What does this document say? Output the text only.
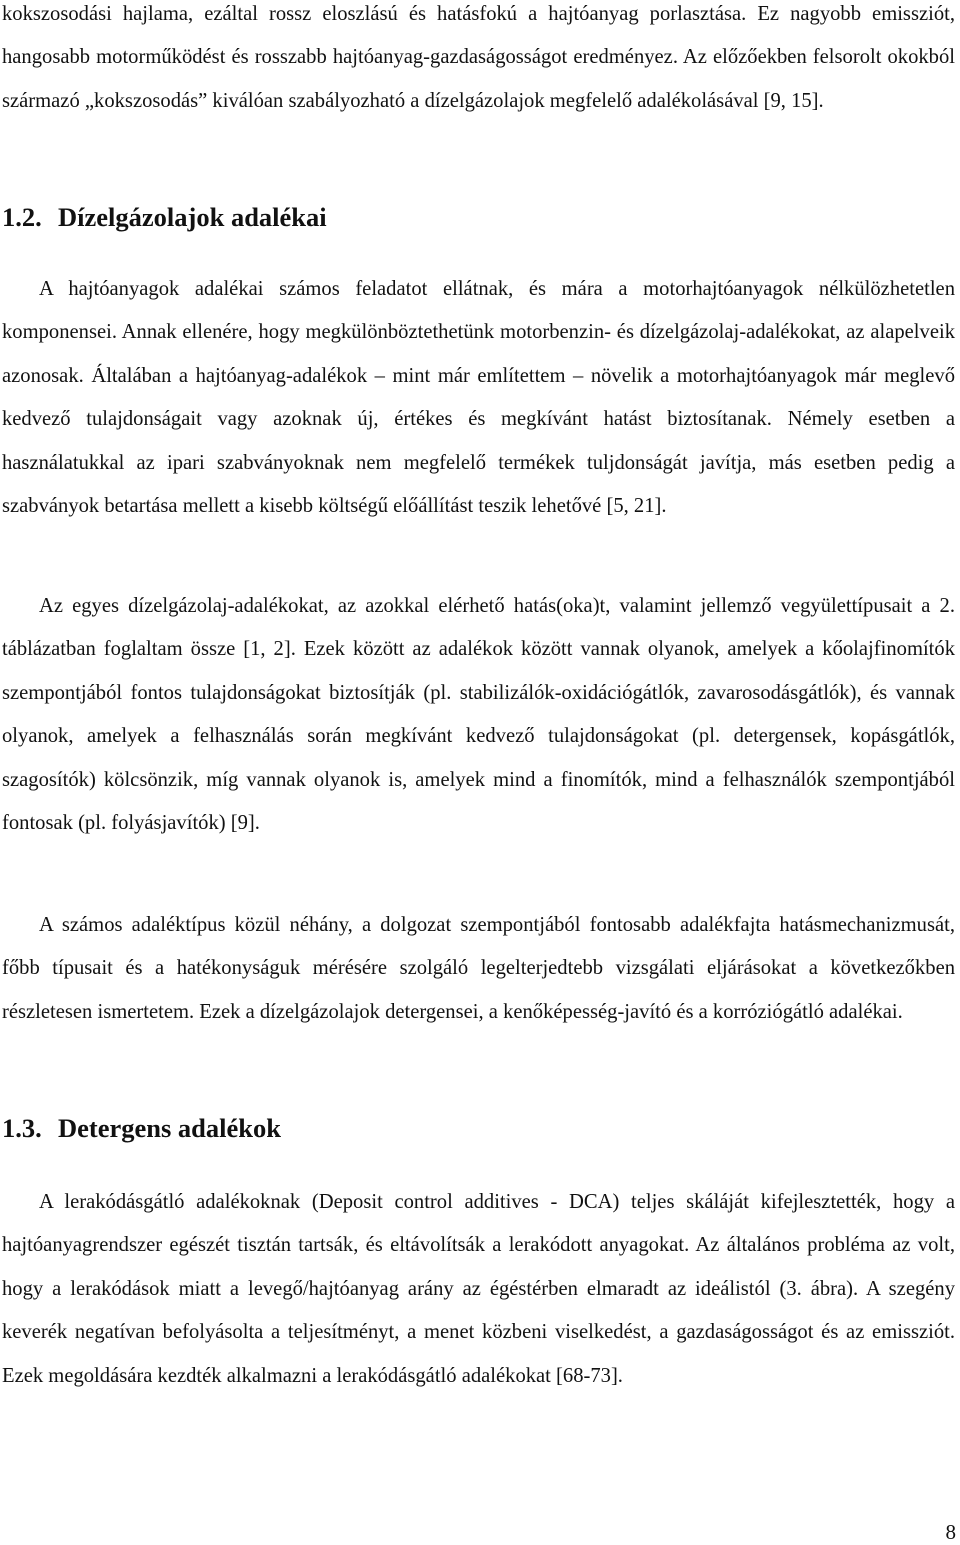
kokszosodási hajlama, ezáltal rossz eloszlású és hatásfokú a hajtóanyag porlasztása. Ez nagyobb emissziót, hangosabb motorműködést és rosszabb hajtóanyag-gazdaságosságot eredményez. Az előzőekben felsorolt okokból származó „kokszosodás” kiválóan szabályozható a dízelgázolajok megfelelő adalékolásával [9, 15].

1.2. Dízelgázolajok adalékai

A hajtóanyagok adalékai számos feladatot ellátnak, és mára a motorhajtóanyagok nélkülözhetetlen komponensei. Annak ellenére, hogy megkülönböztethetünk motorbenzin- és dízelgázolaj-adalékokat, az alapelveik azonosak. Általában a hajtóanyag-adalékok – mint már említettem – növelik a motorhajtóanyagok már meglevő kedvező tulajdonságait vagy azoknak új, értékes és megkívánt hatást biztosítanak. Némely esetben a használatukkal az ipari szabványoknak nem megfelelő termékek tuljdonságát javítja, más esetben pedig a szabványok betartása mellett a kisebb költségű előállítást teszik lehetővé [5, 21].

Az egyes dízelgázolaj-adalékokat, az azokkal elérhető hatás(oka)t, valamint jellemző vegyülettípusait a 2. táblázatban foglaltam össze [1, 2]. Ezek között az adalékok között vannak olyanok, amelyek a kőolajfinomítók szempontjából fontos tulajdonságokat biztosítják (pl. stabilizálók-oxidációgátlók, zavarosodásgátlók), és vannak olyanok, amelyek a felhasználás során megkívánt kedvező tulajdonságokat (pl. detergensek, kopásgátlók, szagosítók) kölcsönzik, míg vannak olyanok is, amelyek mind a finomítók, mind a felhasználók szempontjából fontosak (pl. folyásjavítók) [9].

A számos adaléktípus közül néhány, a dolgozat szempontjából fontosabb adalékfajta hatásmechanizmusát, főbb típusait és a hatékonyságuk mérésére szolgáló legelterjedtebb vizsgálati eljárásokat a következőkben részletesen ismertetem. Ezek a dízelgázolajok detergensei, a kenőképesség-javító és a korróziógátló adalékai.

1.3. Detergens adalékok

A lerakódásgátló adalékoknak (Deposit control additives - DCA) teljes skáláját kifejlesztették, hogy a hajtóanyagrendszer egészét tisztán tartsák, és eltávolítsák a lerakódott anyagokat. Az általános probléma az volt, hogy a lerakódások miatt a levegő/hajtóanyag arány az égéstérben elmaradt az ideálistól (3. ábra). A szegény keverék negatívan befolyásolta a teljesítményt, a menet közbeni viselkedést, a gazdaságosságot és az emissziót. Ezek megoldására kezdték alkalmazni a lerakódásgátló adalékokat [68-73].

8
